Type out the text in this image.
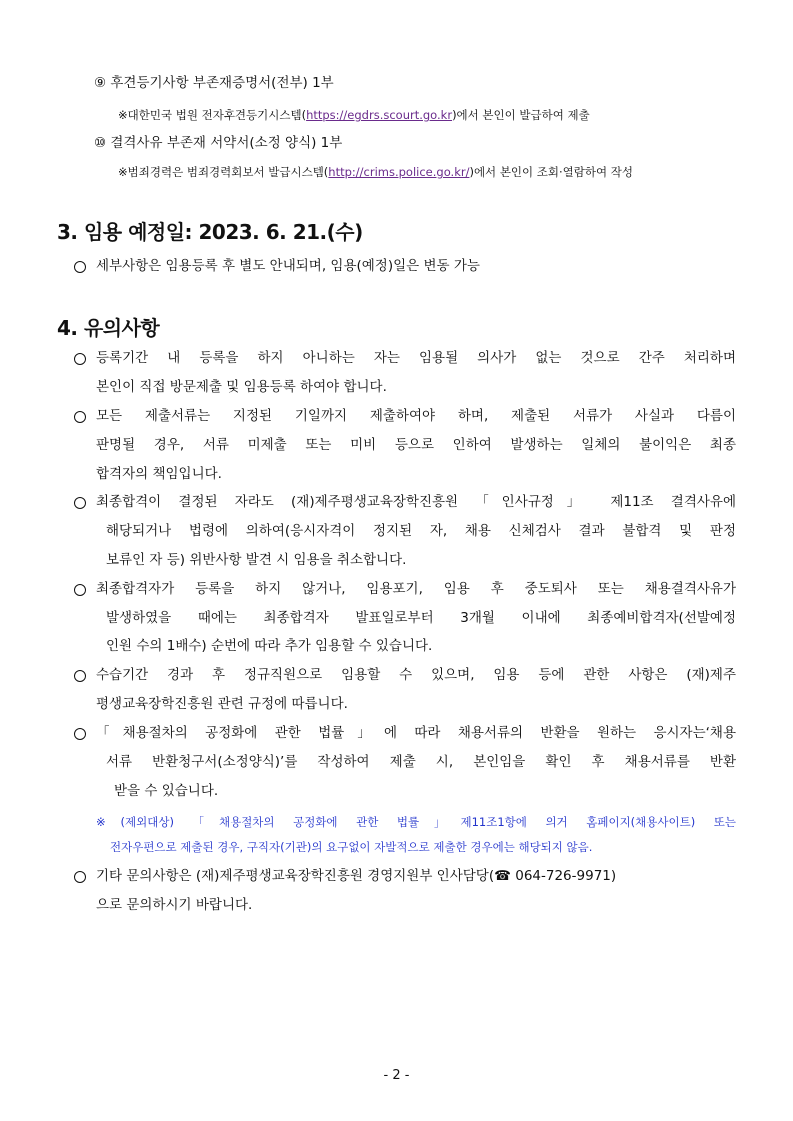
⑨ 후견등기사항 부존재증명서(전부) 1부
※대한민국 법원 전자후견등기시스템(https://egdrs.scourt.go.kr)에서 본인이 발급하여 제출
⑩ 결격사유 부존재 서약서(소정 양식) 1부
※범죄경력은 범죄경력회보서 발급시스템(http://crims.police.go.kr/)에서 본인이 조회·열람하여 작성
3. 임용 예정일: 2023. 6. 21.(수)
세부사항은 임용등록 후 별도 안내되며, 임용(예정)일은 변동 가능
4. 유의사항
등록기간 내 등록을 하지 아니하는 자는 임용될 의사가 없는 것으로 간주 처리하며
본인이 직접 방문제출 및 임용등록 하여야 합니다.
모든 제출서류는 지정된 기일까지 제출하여야 하며, 제출된 서류가 사실과 다름이
판명될 경우, 서류 미제출 또는 미비 등으로 인하여 발생하는 일체의 불이익은 최종
합격자의 책임입니다.
최종합격이 결정된 자라도 (재)제주평생교육장학진흥원 「인사규정」 제11조 결격사유에
해당되거나 법령에 의하여(응시자격이 정지된 자, 채용 신체검사 결과 불합격 및 판정
보류인 자 등) 위반사항 발견 시 임용을 취소합니다.
최종합격자가 등록을 하지 않거나, 임용포기, 임용 후 중도퇴사 또는 채용결격사유가
발생하였을 때에는 최종합격자 발표일로부터 3개월 이내에 최종예비합격자(선발예정
인원 수의 1배수) 순번에 따라 추가 임용할 수 있습니다.
수습기간 경과 후 정규직원으로 임용할 수 있으며, 임용 등에 관한 사항은 (재)제주
평생교육장학진흥원 관련 규정에 따릅니다.
「채용절차의 공정화에 관한 법률」에 따라 채용서류의 반환을 원하는 응시자는‘채용
서류 반환청구서(소정양식)’를 작성하여 제출 시, 본인임을 확인 후 채용서류를 반환
받을 수 있습니다.
※(제외대상) 「채용절차의 공정화에 관한 법률」제11조1항에 의거 홈페이지(채용사이트) 또는
전자우편으로 제출된 경우, 구직자(기관)의 요구없이 자발적으로 제출한 경우에는 해당되지 않음.
기타 문의사항은 (재)제주평생교육장학진흥원 경영지원부 인사담당(☎ 064-726-9971)
으로 문의하시기 바랍니다.
- 2 -
